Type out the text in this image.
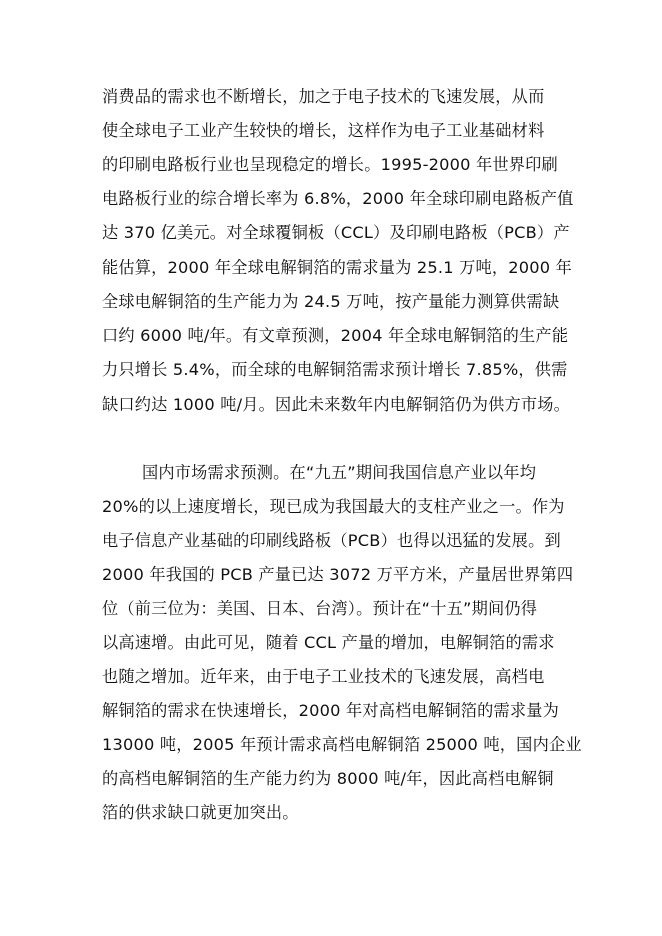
消费品的需求也不断增长，加之于电子技术的飞速发展，从而
使全球电子工业产生较快的增长，这样作为电子工业基础材料
的印刷电路板行业也呈现稳定的增长。1995-2000 年世界印刷
电路板行业的综合增长率为 6.8%，2000 年全球印刷电路板产值
达 370 亿美元。对全球覆铜板（CCL）及印刷电路板（PCB）产
能估算，2000 年全球电解铜箔的需求量为 25.1 万吨，2000 年
全球电解铜箔的生产能力为 24.5 万吨，按产量能力测算供需缺
口约 6000 吨/年。有文章预测，2004 年全球电解铜箔的生产能
力只增长 5.4%，而全球的电解铜箔需求预计增长 7.85%，供需
缺口约达 1000 吨/月。因此未来数年内电解铜箔仍为供方市场。
国内市场需求预测。在“九五”期间我国信息产业以年均
20%的以上速度增长，现已成为我国最大的支柱产业之一。作为
电子信息产业基础的印刷线路板（PCB）也得以迅猛的发展。到
2000 年我国的 PCB 产量已达 3072 万平方米，产量居世界第四
位（前三位为：美国、日本、台湾）。预计在“十五”期间仍得
以高速增。由此可见，随着 CCL 产量的增加，电解铜箔的需求
也随之增加。近年来，由于电子工业技术的飞速发展，高档电
解铜箔的需求在快速增长，2000 年对高档电解铜箔的需求量为
13000 吨，2005 年预计需求高档电解铜箔 25000 吨，国内企业
的高档电解铜箔的生产能力约为 8000 吨/年，因此高档电解铜
箔的供求缺口就更加突出。
